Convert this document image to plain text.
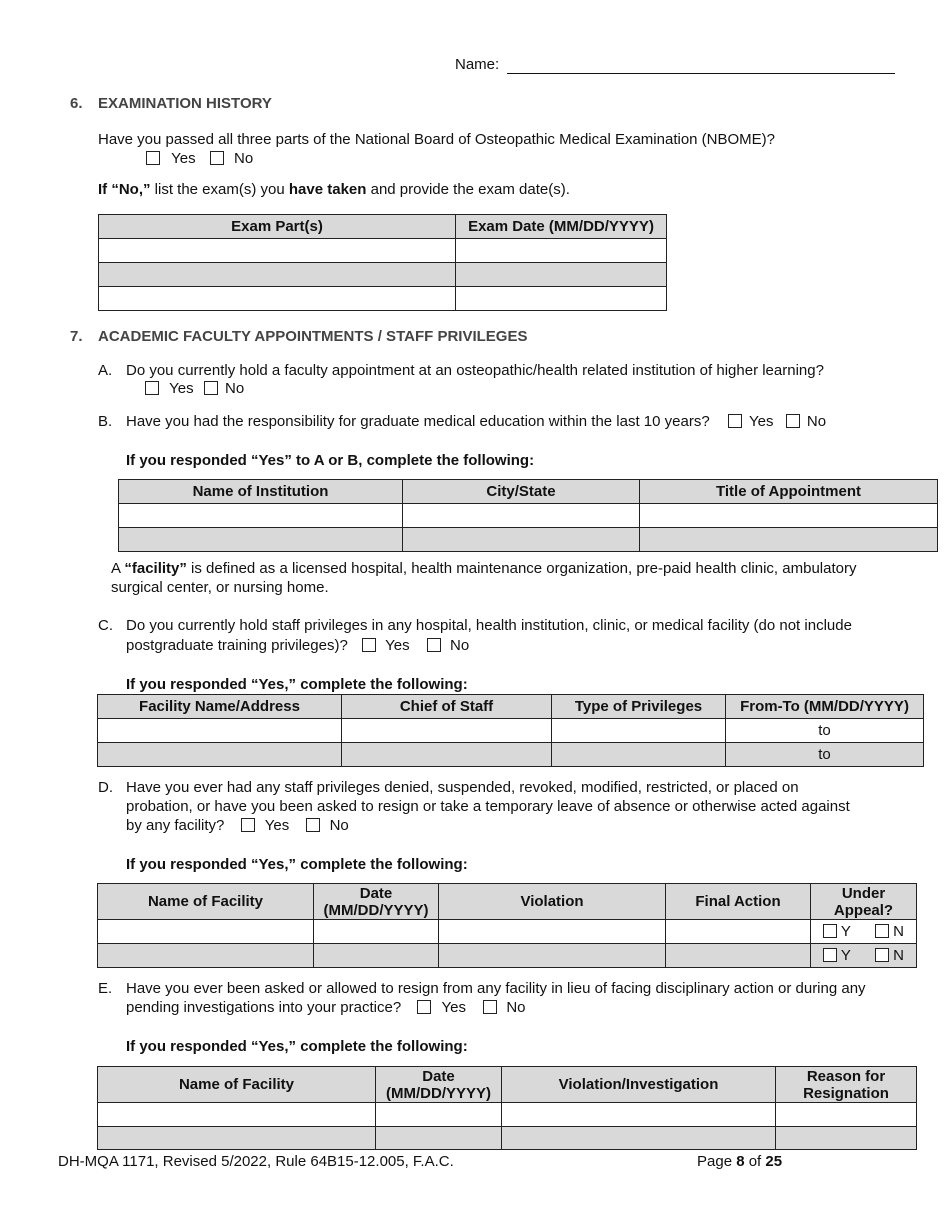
Name:
6. EXAMINATION HISTORY
Have you passed all three parts of the National Board of Osteopathic Medical Examination (NBOME)?
Yes	No
If “No,” list the exam(s) you have taken and provide the exam date(s).
Exam Part(s)	Exam Date (MM/DD/YYYY)

7. ACADEMIC FACULTY APPOINTMENTS / STAFF PRIVILEGES
A. Do you currently hold a faculty appointment at an osteopathic/health related institution of higher learning?
Yes No
B. Have you had the responsibility for graduate medical education within the last 10 years?	Yes No
If you responded “Yes” to A or B, complete the following:
Name of Institution	City/State	Title of Appointment

A “facility” is defined as a licensed hospital, health maintenance organization, pre-paid health clinic, ambulatory
surgical center, or nursing home.
C. Do you currently hold staff privileges in any hospital, health institution, clinic, or medical facility (do not include
postgraduate training privileges)? Yes	No
If you responded “Yes,” complete the following:
Facility Name/Address	Chief of Staff	Type of Privileges	From-To (MM/DD/YYYY)
			to
			to
D. Have you ever had any staff privileges denied, suspended, revoked, modified, restricted, or placed on
probation, or have you been asked to resign or take a temporary leave of absence or otherwise acted against
by any facility?	Yes	No
If you responded “Yes,” complete the following:
Name of Facility	Date (MM/DD/YYYY)	Violation	Final Action	Under Appeal?

				Y N

				Y N
E. Have you ever been asked or allowed to resign from any facility in lieu of facing disciplinary action or during any
pending investigations into your practice?	Yes	No
If you responded “Yes,” complete the following:
Name of Facility	Date (MM/DD/YYYY)	Violation/Investigation	Reason for Resignation

DH-MQA 1171, Revised 5/2022, Rule 64B15-12.005, F.A.C.	Page 8 of 25
